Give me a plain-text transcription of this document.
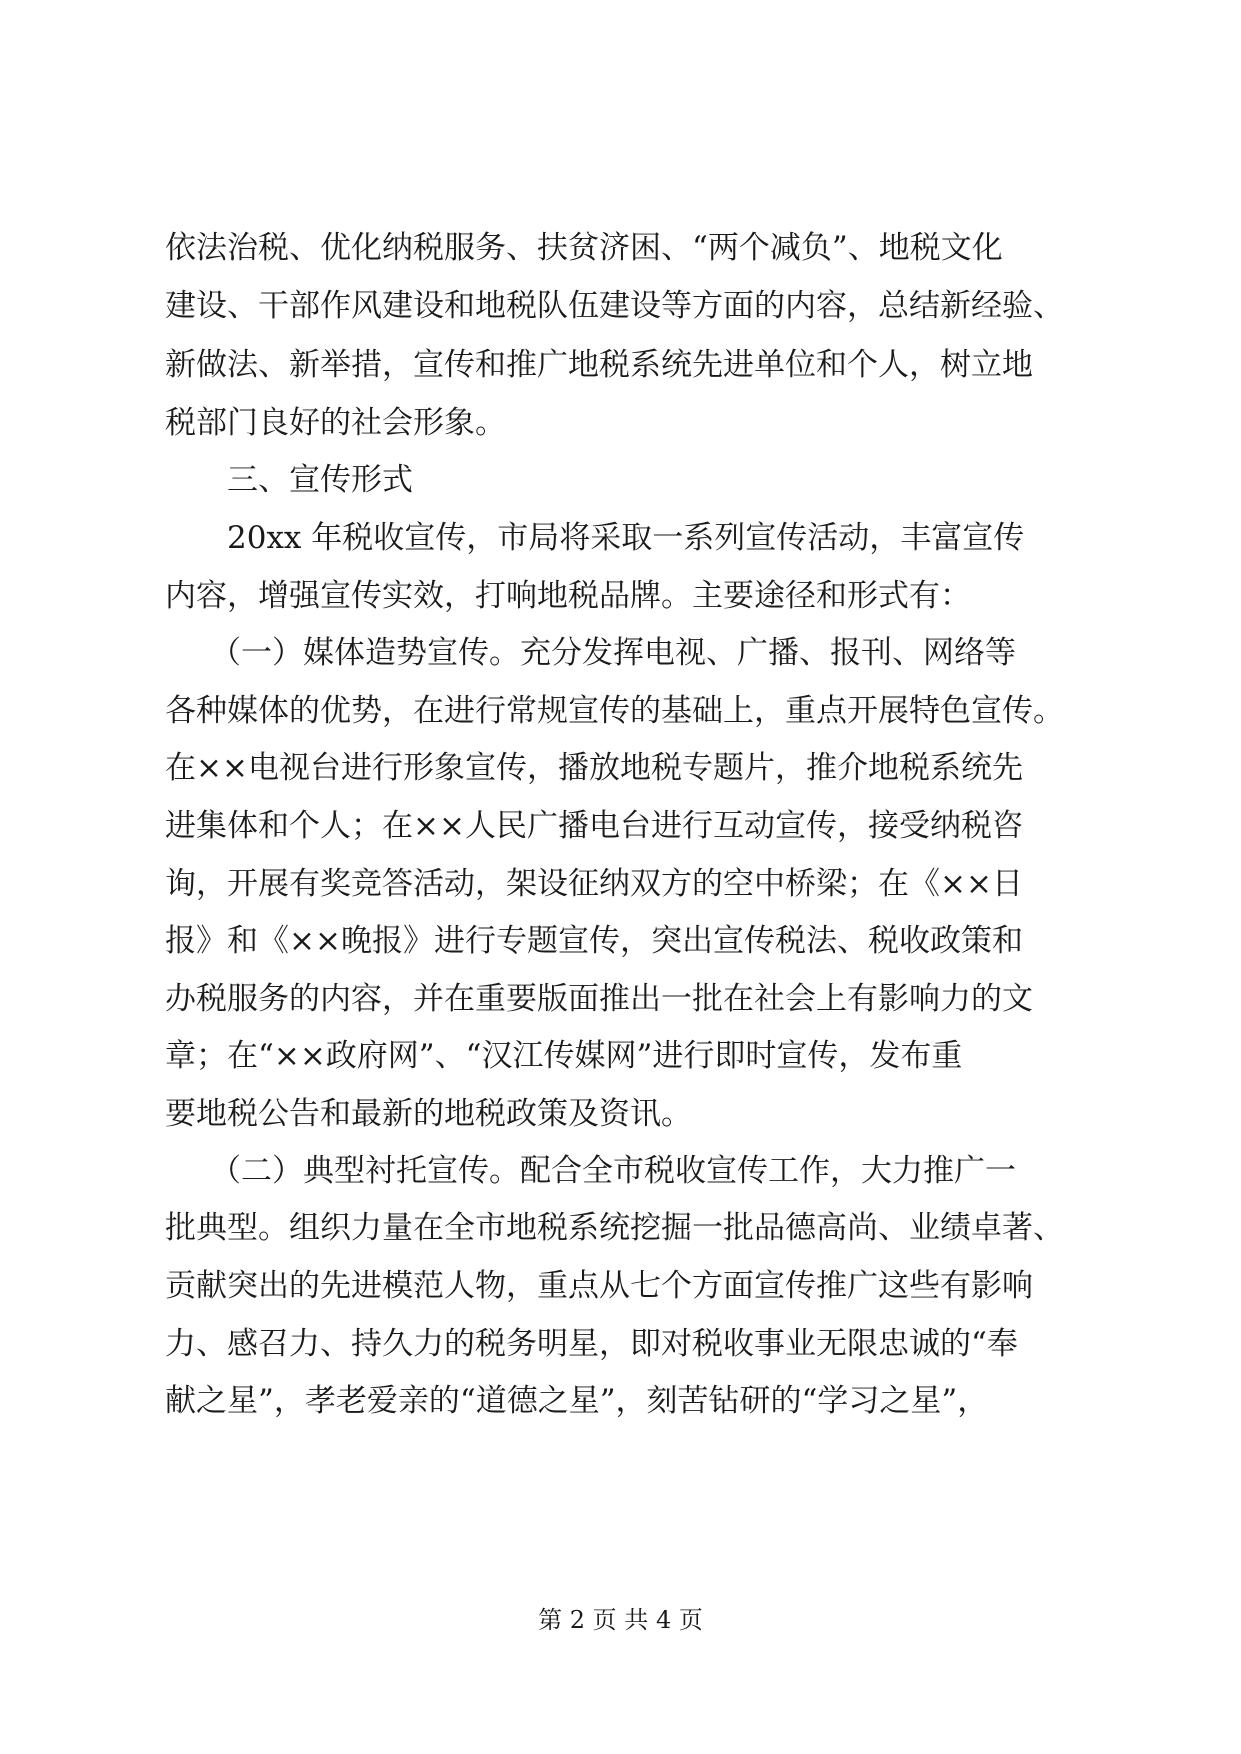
依法治税、优化纳税服务、扶贫济困、“两个减负”、地税文化
建设、干部作风建设和地税队伍建设等方面的内容，总结新经验、
新做法、新举措，宣传和推广地税系统先进单位和个人，树立地
税部门良好的社会形象。
三、宣传形式
20xx 年税收宣传，市局将采取一系列宣传活动，丰富宣传
内容，增强宣传实效，打响地税品牌。主要途径和形式有：
（一）媒体造势宣传。充分发挥电视、广播、报刊、网络等
各种媒体的优势，在进行常规宣传的基础上，重点开展特色宣传。
在××电视台进行形象宣传，播放地税专题片，推介地税系统先
进集体和个人；在××人民广播电台进行互动宣传，接受纳税咨
询，开展有奖竞答活动，架设征纳双方的空中桥梁；在《××日
报》和《××晚报》进行专题宣传，突出宣传税法、税收政策和
办税服务的内容，并在重要版面推出一批在社会上有影响力的文
章；在“××政府网”、“汉江传媒网”进行即时宣传，发布重
要地税公告和最新的地税政策及资讯。
（二）典型衬托宣传。配合全市税收宣传工作，大力推广一
批典型。组织力量在全市地税系统挖掘一批品德高尚、业绩卓著、
贡献突出的先进模范人物，重点从七个方面宣传推广这些有影响
力、感召力、持久力的税务明星，即对税收事业无限忠诚的“奉
献之星”，孝老爱亲的“道德之星”，刻苦钻研的“学习之星”，
第 2 页 共 4 页
